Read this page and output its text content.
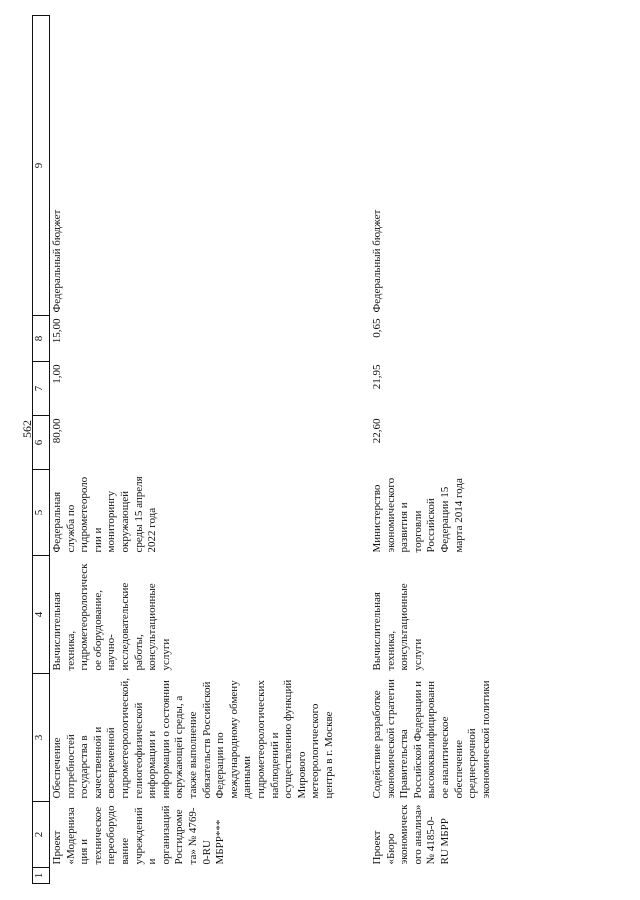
562
1	2	3	4	5	6	7	8	9
	Проект «Модернизация и техническое переоборудование учреждений и организаций Росгидромета» № 4769-0-RU МБРР***	Обеспечение потребностей государства в качественной и своевременной гидрометеорологической, гелиогеофизической информации и информации о состоянии окружающей среды, а также выполнение обязательств Российской Федерации по международному обмену данными гидрометеорологических наблюдений и осуществлению функций Мирового метеорологического центра в г. Москве	Вычислительная техника, гидрометеорологическое оборудование, научно-исследовательские работы, консультационные услуги	Федеральная служба по гидрометеорологии и мониторингу окружающей среды 15 апреля 2022 года	80,00	1,00	15,00	Федеральный бюджет
	Проект «Бюро экономического анализа» № 4185-0-RU МБРР	Содействие разработке экономической стратегии Правительства Российской Федерации и высококвалифицированное аналитическое обеспечение среднесрочной экономической политики	Вычислительная техника, консультационные услуги	Министерство экономического развития и торговли Российской Федерации 15 марта 2014 года	22,60	21,95	0,65	Федеральный бюджет
